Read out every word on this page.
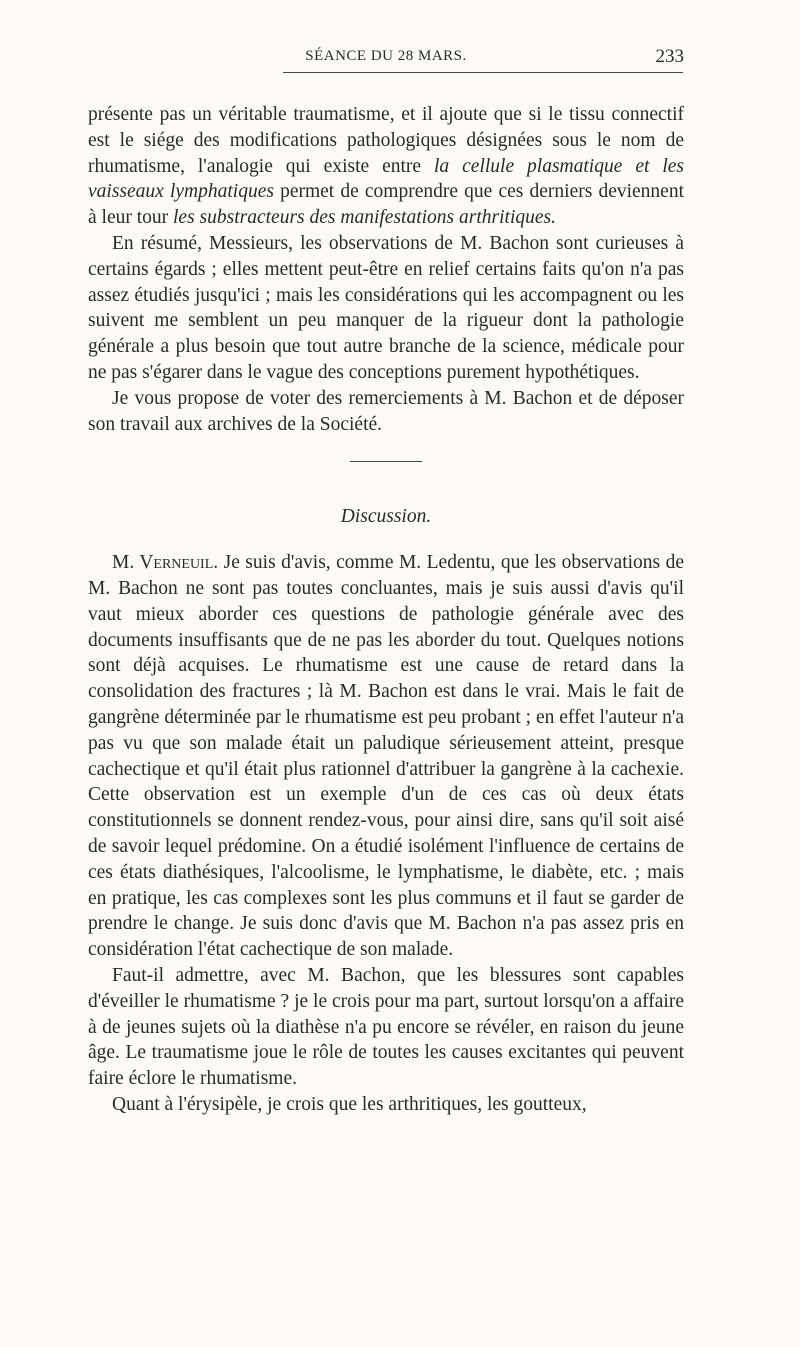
SÉANCE DU 28 MARS.	233

présente pas un véritable traumatisme, et il ajoute que si le tissu connectif est le siége des modifications pathologiques désignées sous le nom de rhumatisme, l'analogie qui existe entre la cellule plasmatique et les vaisseaux lymphatiques permet de comprendre que ces derniers deviennent à leur tour les substracteurs des manifestations arthritiques.

En résumé, Messieurs, les observations de M. Bachon sont curieuses à certains égards ; elles mettent peut-être en relief certains faits qu'on n'a pas assez étudiés jusqu'ici ; mais les considérations qui les accompagnent ou les suivent me semblent un peu manquer de la rigueur dont la pathologie générale a plus besoin que tout autre branche de la science, médicale pour ne pas s'égarer dans le vague des conceptions purement hypothétiques.

Je vous propose de voter des remerciements à M. Bachon et de déposer son travail aux archives de la Société.

Discussion.

M. Verneuil. Je suis d'avis, comme M. Ledentu, que les observations de M. Bachon ne sont pas toutes concluantes, mais je suis aussi d'avis qu'il vaut mieux aborder ces questions de pathologie générale avec des documents insuffisants que de ne pas les aborder du tout. Quelques notions sont déjà acquises. Le rhumatisme est une cause de retard dans la consolidation des fractures ; là M. Bachon est dans le vrai. Mais le fait de gangrène déterminée par le rhumatisme est peu probant ; en effet l'auteur n'a pas vu que son malade était un paludique sérieusement atteint, presque cachectique et qu'il était plus rationnel d'attribuer la gangrène à la cachexie. Cette observation est un exemple d'un de ces cas où deux états constitutionnels se donnent rendez-vous, pour ainsi dire, sans qu'il soit aisé de savoir lequel prédomine. On a étudié isolément l'influence de certains de ces états diathésiques, l'alcoolisme, le lymphatisme, le diabète, etc. ; mais en pratique, les cas complexes sont les plus communs et il faut se garder de prendre le change. Je suis donc d'avis que M. Bachon n'a pas assez pris en considération l'état cachectique de son malade.

Faut-il admettre, avec M. Bachon, que les blessures sont capables d'éveiller le rhumatisme ? je le crois pour ma part, surtout lorsqu'on a affaire à de jeunes sujets où la diathèse n'a pu encore se révéler, en raison du jeune âge. Le traumatisme joue le rôle de toutes les causes excitantes qui peuvent faire éclore le rhumatisme.

Quant à l'érysipèle, je crois que les arthritiques, les goutteux,
